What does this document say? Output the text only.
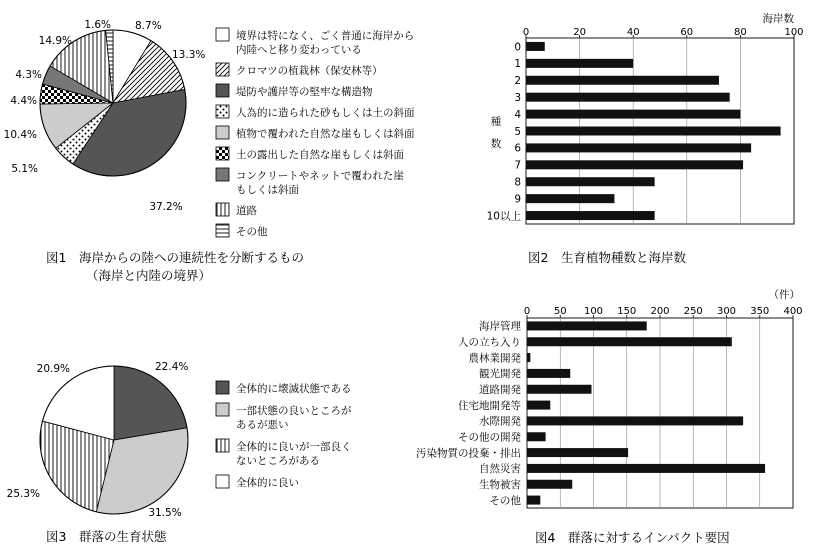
8.7%
13.3%
37.2%
5.1%
10.4%
4.4%
4.3%
14.9%
1.6%
境界は特になく、ごく普通に海岸から
内陸へと移り変わっている
クロマツの植栽林（保安林等）
堤防や護岸等の堅牢な構造物
人為的に造られた砂もしくは土の斜面
植物で覆われた自然な崖もしくは斜面
土の露出した自然な崖もしくは斜面
コンクリートやネットで覆われた崖
もしくは斜面
道路
その他
図1　海岸からの陸への連続性を分断するもの
（海岸と内陸の境界）
0	20	40	60	80	100
0
1
2
3
4
5
6
7
8
9
10以上
海岸数
種
数
図2　生育植物種数と海岸数
22.4%
31.5%
25.3%
20.9%
全体的に壊滅状態である
一部状態の良いところが
あるが悪い
全体的に良いが一部良く
ないところがある
全体的に良い
図3　群落の生育状態
0 50 100 150 200 250 300 350 400
海岸管理
人の立ち入り
農林業開発
観光開発
道路開発
住宅地開発等
水際開発
その他の開発
汚染物質の投棄・排出
自然災害
生物被害
その他
（件）
図4　群落に対するインパクト要因
